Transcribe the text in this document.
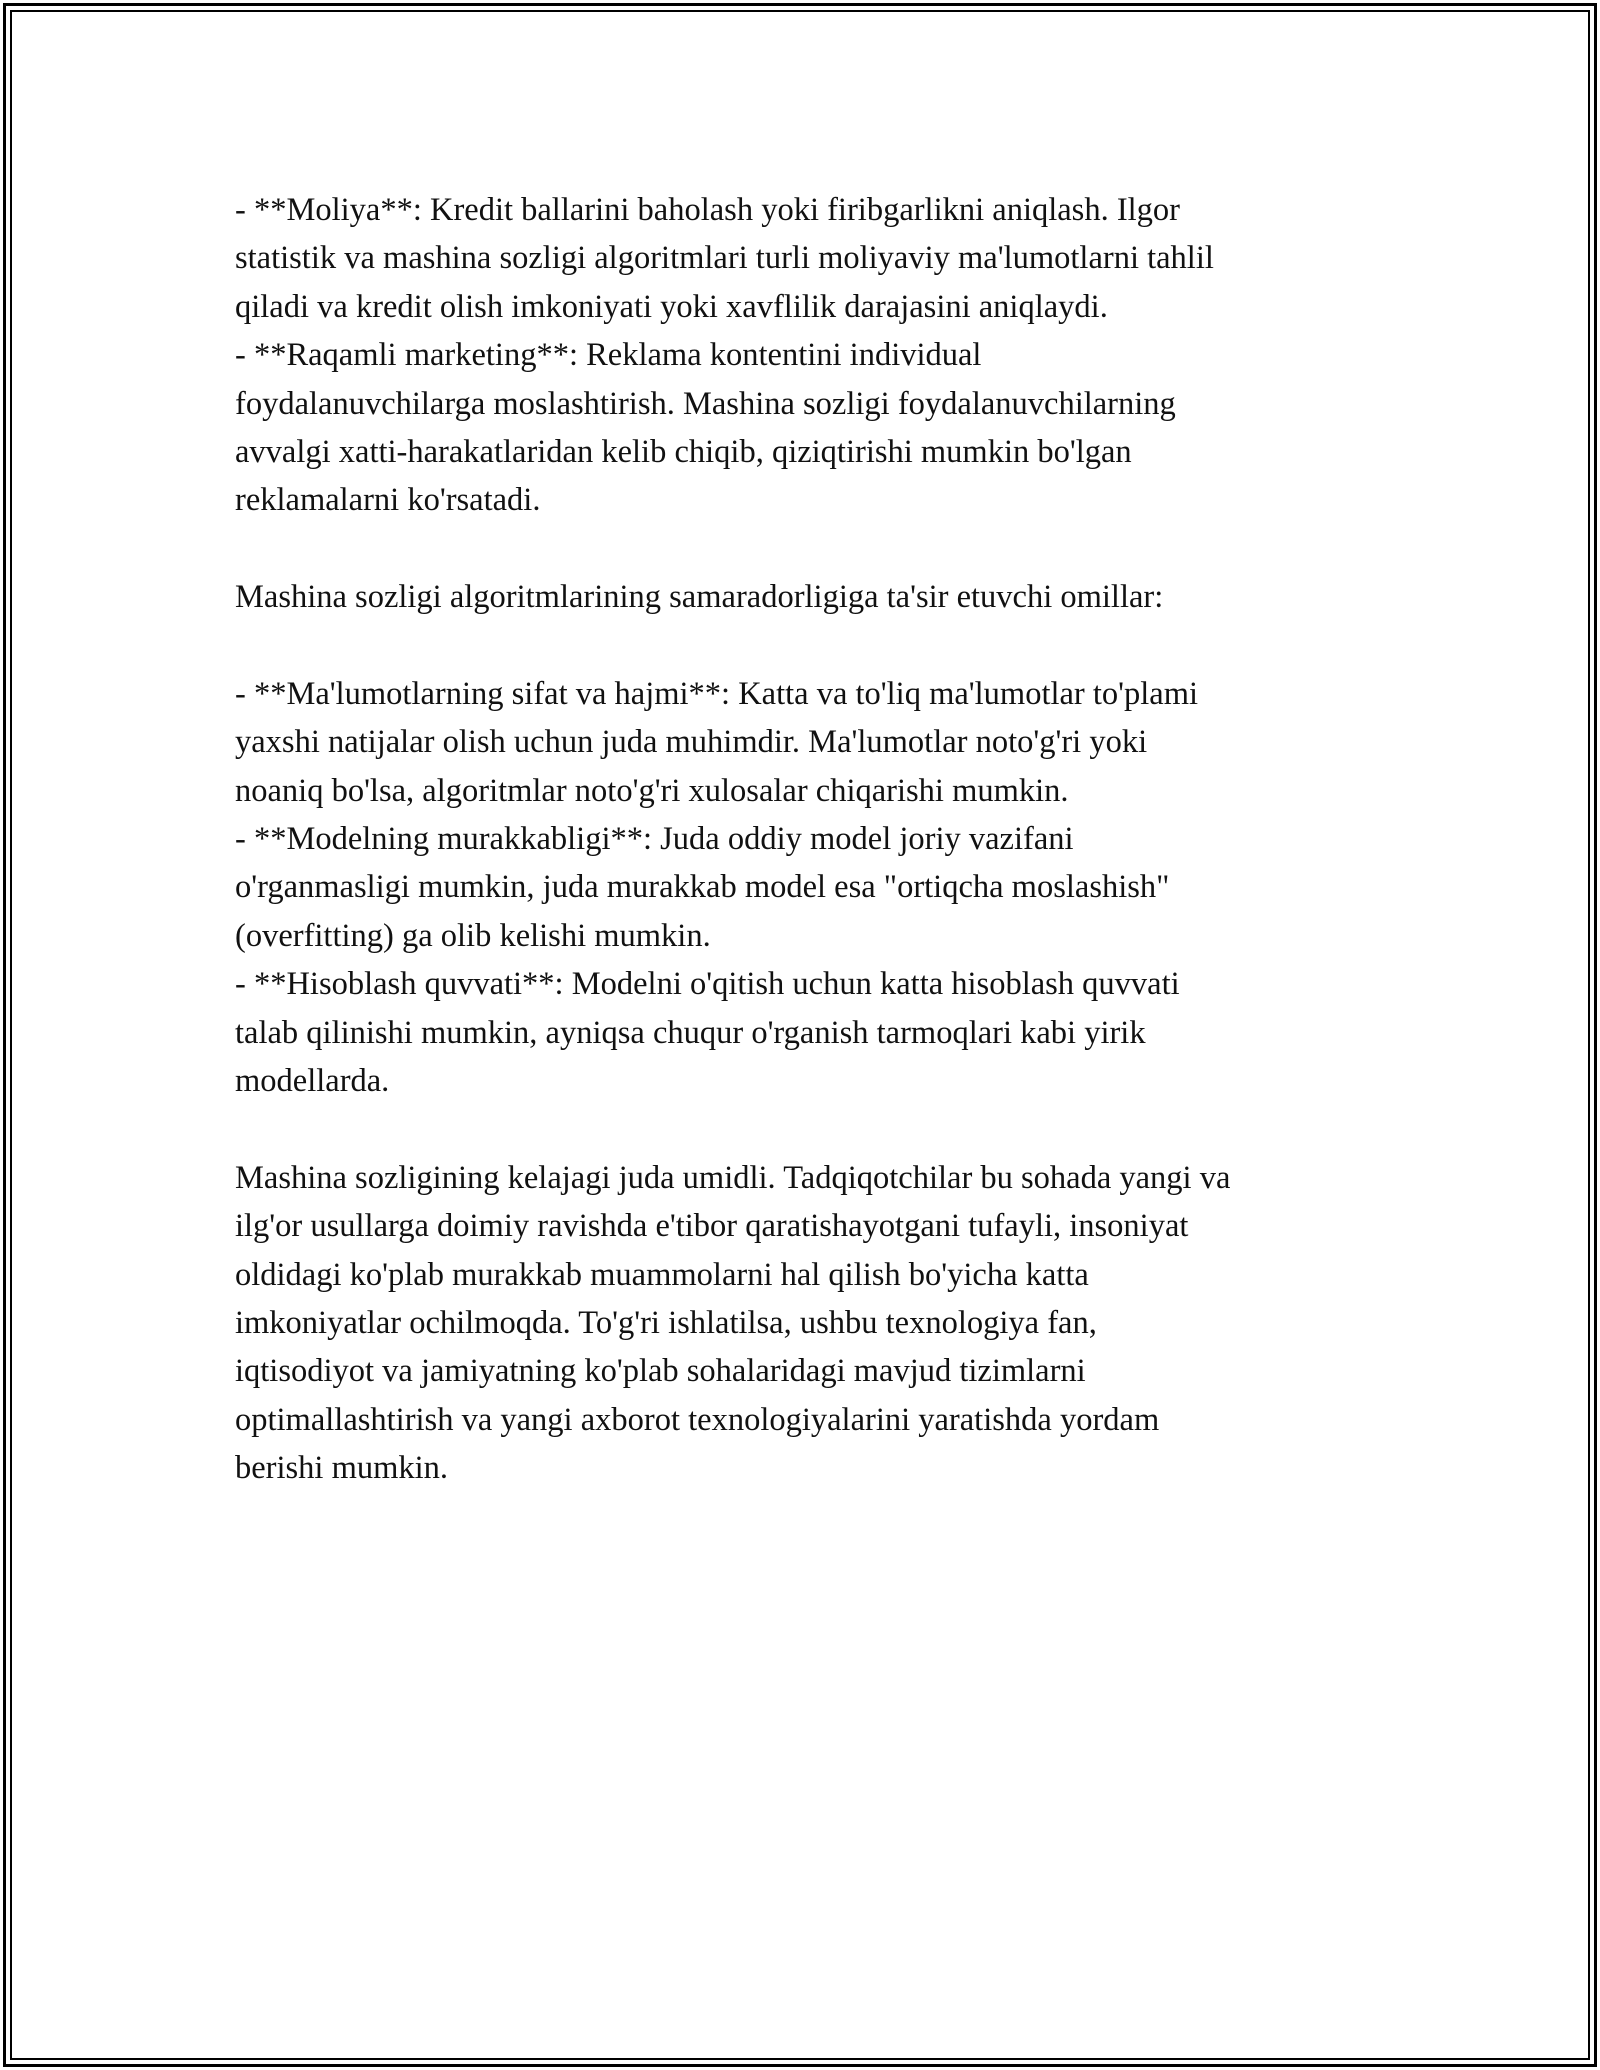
- **Moliya**: Kredit ballarini baholash yoki firibgarlikni aniqlash. Ilgor
statistik va mashina sozligi algoritmlari turli moliyaviy ma'lumotlarni tahlil
qiladi va kredit olish imkoniyati yoki xavflilik darajasini aniqlaydi.
- **Raqamli marketing**: Reklama kontentini individual
foydalanuvchilarga moslashtirish. Mashina sozligi foydalanuvchilarning
avvalgi xatti-harakatlaridan kelib chiqib, qiziqtirishi mumkin bo'lgan
reklamalarni ko'rsatadi.
Mashina sozligi algoritmlarining samaradorligiga ta'sir etuvchi omillar:
- **Ma'lumotlarning sifat va hajmi**: Katta va to'liq ma'lumotlar to'plami
yaxshi natijalar olish uchun juda muhimdir. Ma'lumotlar noto'g'ri yoki
noaniq bo'lsa, algoritmlar noto'g'ri xulosalar chiqarishi mumkin.
- **Modelning murakkabligi**: Juda oddiy model joriy vazifani
o'rganmasligi mumkin, juda murakkab model esa "ortiqcha moslashish"
(overfitting) ga olib kelishi mumkin.
- **Hisoblash quvvati**: Modelni o'qitish uchun katta hisoblash quvvati
talab qilinishi mumkin, ayniqsa chuqur o'rganish tarmoqlari kabi yirik
modellarda.
Mashina sozligining kelajagi juda umidli. Tadqiqotchilar bu sohada yangi va
ilg'or usullarga doimiy ravishda e'tibor qaratishayotgani tufayli, insoniyat
oldidagi ko'plab murakkab muammolarni hal qilish bo'yicha katta
imkoniyatlar ochilmoqda. To'g'ri ishlatilsa, ushbu texnologiya fan,
iqtisodiyot va jamiyatning ko'plab sohalaridagi mavjud tizimlarni
optimallashtirish va yangi axborot texnologiyalarini yaratishda yordam
berishi mumkin.
